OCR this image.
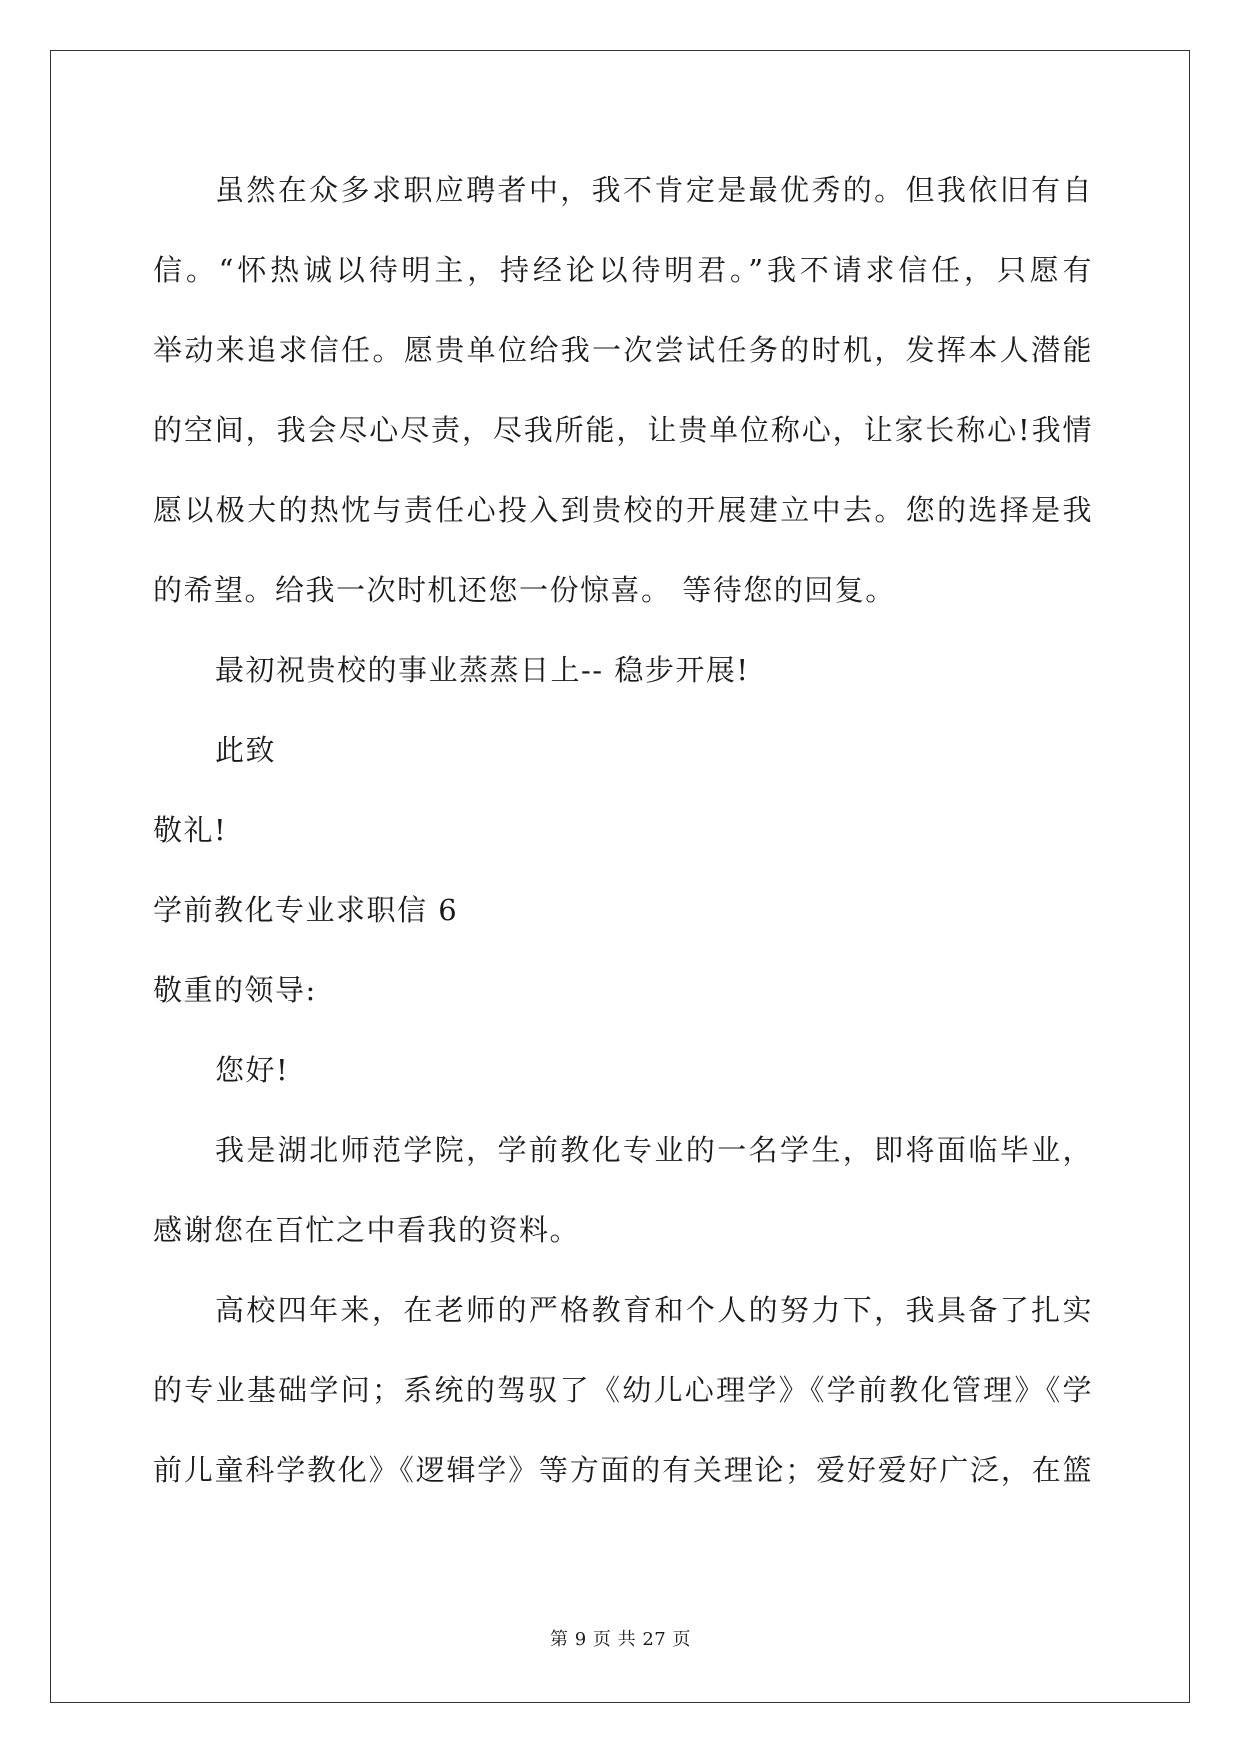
虽然在众多求职应聘者中，我不肯定是最优秀的。但我依旧有自
信。“怀热诚以待明主，持经论以待明君。”我不请求信任，只愿有
举动来追求信任。愿贵单位给我一次尝试任务的时机，发挥本人潜能
的空间，我会尽心尽责，尽我所能，让贵单位称心，让家长称心!我情
愿以极大的热忱与责任心投入到贵校的开展建立中去。您的选择是我
的希望。给我一次时机还您一份惊喜。 等待您的回复。
最初祝贵校的事业蒸蒸日上-- 稳步开展!
此致
敬礼!
学前教化专业求职信 6
敬重的领导:
您好!
我是湖北师范学院，学前教化专业的一名学生，即将面临毕业，
感谢您在百忙之中看我的资料。
高校四年来，在老师的严格教育和个人的努力下，我具备了扎实
的专业基础学问；系统的驾驭了《幼儿心理学》《学前教化管理》《学
前儿童科学教化》《逻辑学》等方面的有关理论；爱好爱好广泛，在篮
第 9 页 共 27 页
